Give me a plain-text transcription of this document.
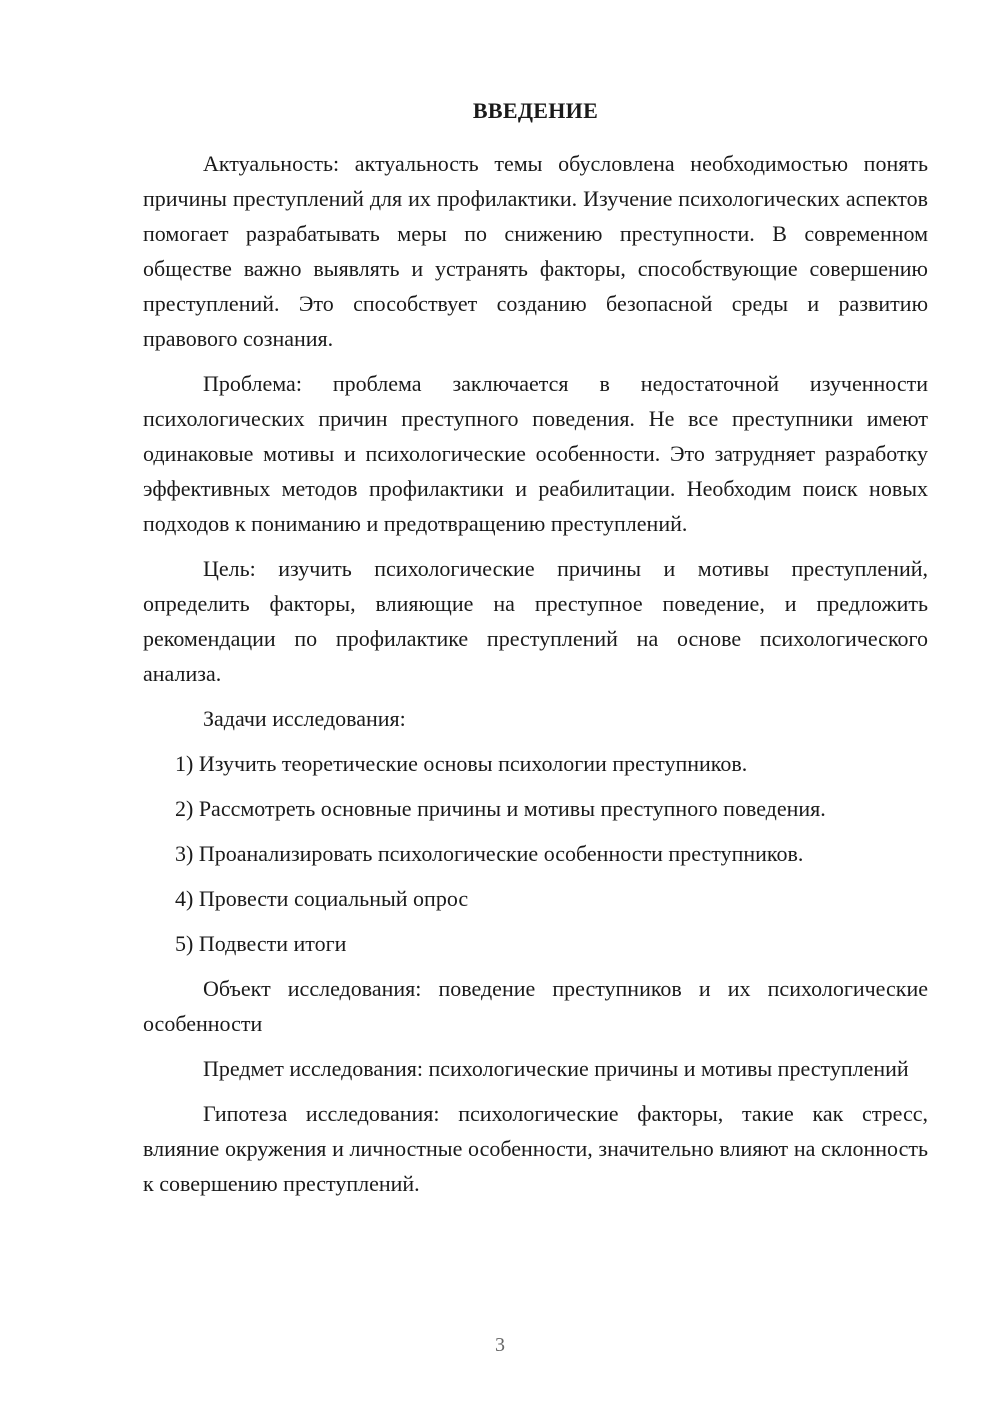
ВВЕДЕНИЕ

Актуальность: актуальность темы обусловлена необходимостью понять причины преступлений для их профилактики. Изучение психологических аспектов помогает разрабатывать меры по снижению преступности. В современном обществе важно выявлять и устранять факторы, способствующие совершению преступлений. Это способствует созданию безопасной среды и развитию правового сознания.

Проблема: проблема заключается в недостаточной изученности психологических причин преступного поведения. Не все преступники имеют одинаковые мотивы и психологические особенности. Это затрудняет разработку эффективных методов профилактики и реабилитации. Необходим поиск новых подходов к пониманию и предотвращению преступлений.

Цель: изучить психологические причины и мотивы преступлений, определить факторы, влияющие на преступное поведение, и предложить рекомендации по профилактике преступлений на основе психологического анализа.

Задачи исследования:

1) Изучить теоретические основы психологии преступников.

2) Рассмотреть основные причины и мотивы преступного поведения.

3) Проанализировать психологические особенности преступников.

4) Провести социальный опрос

5) Подвести итоги

Объект исследования: поведение преступников и их психологические особенности

Предмет исследования: психологические причины и мотивы преступлений

Гипотеза исследования: психологические факторы, такие как стресс, влияние окружения и личностные особенности, значительно влияют на склонность к совершению преступлений.

3
